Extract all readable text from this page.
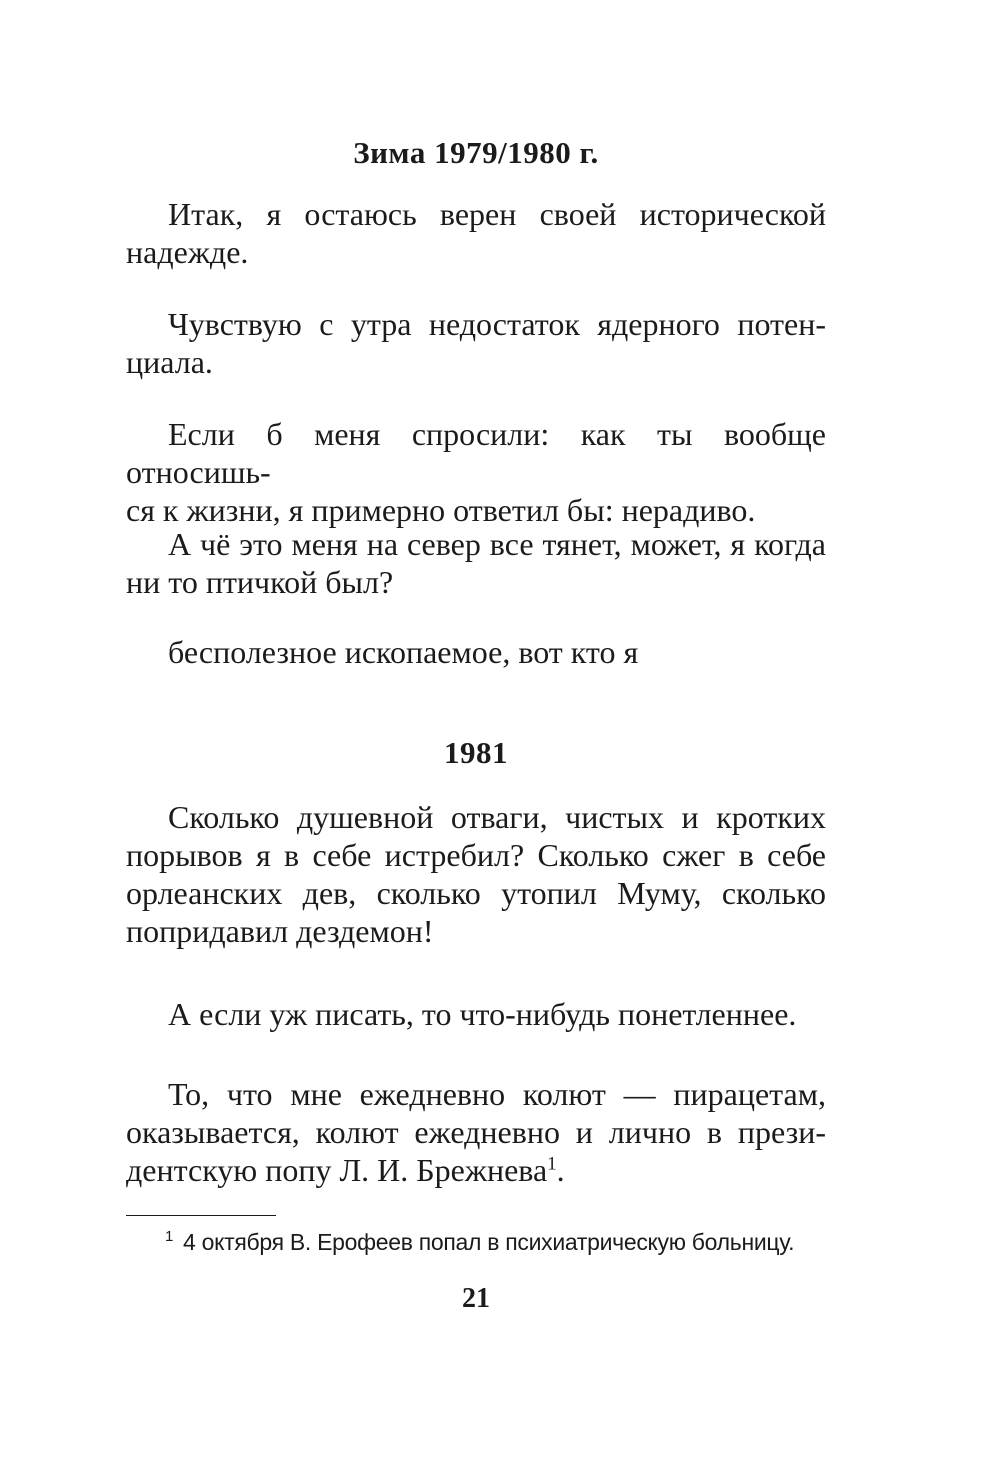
Зима 1979/1980 г.

Итак, я остаюсь верен своей исторической
надежде.

Чувствую с утра недостаток ядерного потен-
циала.

Если б меня спросили: как ты вообще относишь-
ся к жизни, я примерно ответил бы: нерадиво.

А чё это меня на север все тянет, может, я когда
ни то птичкой был?

бесполезное ископаемое, вот кто я

1981

Сколько душевной отваги, чистых и кротких
порывов я в себе истребил? Сколько сжег в себе
орлеанских дев, сколько утопил Муму, сколько
попридавил дездемон!

А если уж писать, то что-нибудь понетленнее.

То, что мне ежедневно колют — пирацетам,
оказывается, колют ежедневно и лично в прези-
дентскую попу Л. И. Брежнева$^1$.

$^1$ 4 октября В. Ерофеев попал в психиатрическую больницу.

21
